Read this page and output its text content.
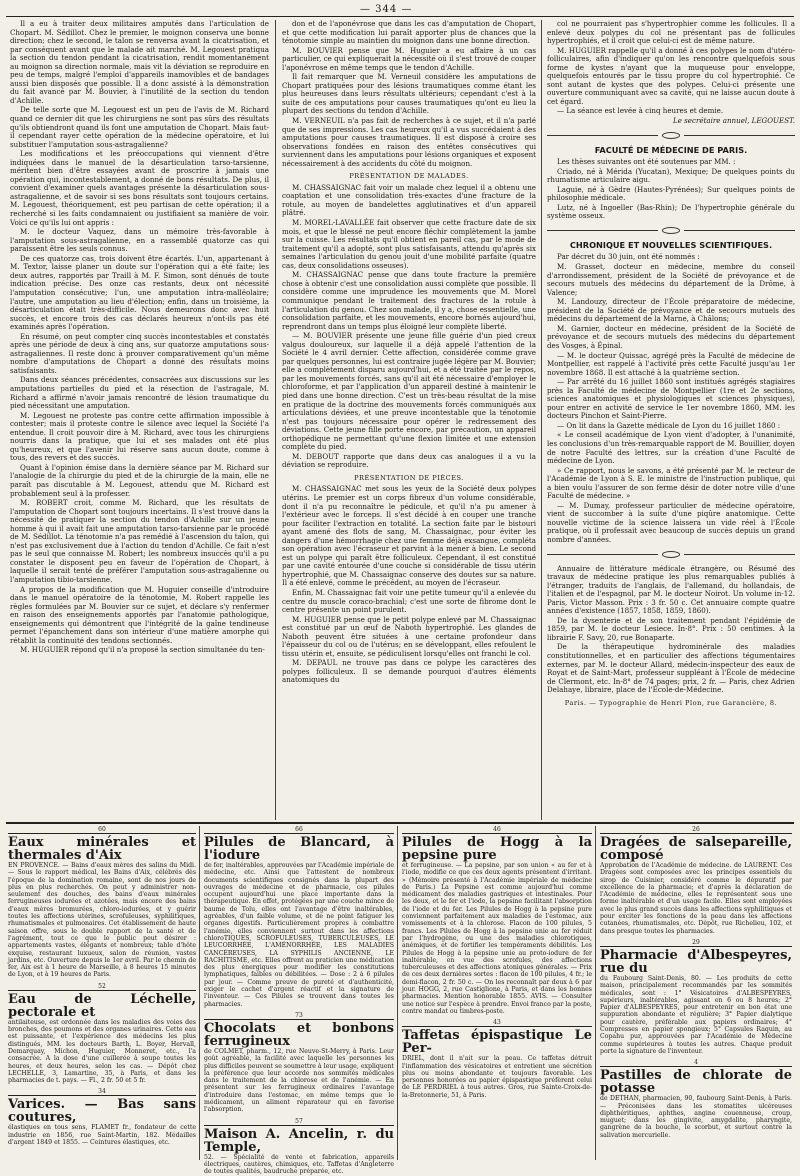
— 344 —

Il a eu à traiter deux militaires amputés dans l'articulation de Chopart. M. Sédillot. Chez le premier, le moignon conserva une bonne direction; chez le second, le talon se renversa avant la cicatrisation, et par conséquent avant que le malade ait marché. M. Legouest pratiqua la section du tendon pendant la cicatrisation, rendit momentanément au moignon sa direction normale, mais vit la déviation se reproduire en peu de temps, malgré l'emploi d'appareils inamovibles et de bandages aussi bien disposés que possible. Il a donc assisté à la démonstration du fait avancé par M. Bouvier, à l'inutilité de la section du tendon d'Achille.

De telle sorte que M. Legouest est un peu de l'avis de M. Richard quand ce dernier dit que les chirurgiens ne sont pas sûrs des résultats qu'ils obtiendront quand ils font une amputation de Chopart. Mais faut-il cependant rayer cette opération de la médecine opératoire, et lui substituer l'amputation sous-astragalienne?

Les modifications et les préoccupations qui viennent d'être indiquées dans le manuel de la désarticulation tarso-tarsienne, méritent bien d'être essayées avant de proscrire à jamais une opération qui, incontestablement, a donné de bons résultats. De plus, il convient d'examiner quels avantages présente la désarticulation sous-astragalienne, et de savoir si ses bons résultats sont toujours certains. M. Legouest, théoriquement, est peu partisan de cette opération; il a recherché si les faits condamnaient ou justifiaient sa manière de voir. Voici ce qu'ils lui ont appris :

M. le docteur Vaquez, dans un mémoire très-favorable à l'amputation sous-astragalienne, en a rassemblé quatorze cas qui paraissent être les seuls connus.

De ces quatorze cas, trois doivent être écartés. L'un, appartenant à M. Textor, laisse planer un doute sur l'opération qui a été faite; les deux autres, rapportés par Traill à M. F. Simon, sont dénués de toute indication précise. Des onze cas restants, deux ont nécessité l'amputation consécutive; l'un, une amputation intra-malléolaire; l'autre, une amputation au lieu d'élection; enfin, dans un troisième, la désarticulation était très-difficile. Nous demeurons donc avec huit succès, et encore trois des cas déclarés heureux n'ont-ils pas été examinés après l'opération.

En résumé, on peut compter cinq succès incontestables et constatés après une période de deux à cinq ans, sur quatorze amputations sous-astragaliennes. Il reste donc à prouver comparativement qu'un même nombre d'amputations de Chopart a donné des résultats moins satisfaisants.

Dans deux séances précédentes, consacrées aux discussions sur les amputations partielles du pied et la résection de l'astragale, M. Richard a affirmé n'avoir jamais rencontré de lésion traumatique du pied nécessitant une amputation.

M. Legouest ne proteste pas contre cette affirmation impossible à contester; mais il proteste contre le silence avec lequel la Société l'a entendue. Il croit pouvoir dire à M. Richard, avec tous les chirurgiens nourris dans la pratique, que lui et ses malades ont été plus qu'heureux, et que l'avenir lui réserve sans aucun doute, comme à tous, des revers et des succès.

Quant à l'opinion émise dans la dernière séance par M. Richard sur l'analogie de la chirurgie du pied et de la chirurgie de la main, elle ne paraît pas discutable à M. Legouest, attendu que M. Richard est probablement seul à la professer.

M. ROBERT croit, comme M. Richard, que les résultats de l'amputation de Chopart sont toujours incertains. Il s'est trouvé dans la nécessité de pratiquer la section du tendon d'Achille sur un jeune homme à qui il avait fait une amputation tarso-tarsienne par le procédé de M. Sédillot. La ténotomie n'a pas remédié à l'ascension du talon, qui n'est pas exclusivement due à l'action du tendon d'Achille. Ce fait n'est pas le seul que connaisse M. Robert; les nombreux insuccès qu'il a pu constater le disposent peu en faveur de l'opération de Chopart, à laquelle il serait tenté de préférer l'amputation sous-astragalienne ou l'amputation tibio-tarsienne.

A propos de la modification que M. Huguier conseille d'introduire dans le manuel opératoire de la ténotomie, M. Robert rappelle les règles formulées par M. Bouvier sur ce sujet, et déclare s'y renfermer en raison des enseignements apportés par l'anatomie pathologique, enseignements qui démontrent que l'intégrité de la gaîne tendineuse permet l'épanchement dans son intérieur d'une matière amorphe qui rétablit la continuité des tendons sectionnés.

M. HUGUIER répond qu'il n'a proposé la section simultanée du ten-

don et de l'aponévrose que dans les cas d'amputation de Chopart, et que cette modification lui paraît apporter plus de chances que la ténotomie simple au maintien du moignon dans une bonne direction.

M. BOUVIER pense que M. Huguier a eu affaire à un cas particulier, ce qui expliquerait la nécessité où il s'est trouvé de couper l'aponévrose en même temps que le tendon d'Achille.

Il fait remarquer que M. Verneuil considère les amputations de Chopart pratiquées pour des lésions traumatiques comme étant les plus heureuses dans leurs résultats ultérieurs; cependant c'est à la suite de ces amputations pour causes traumatiques qu'ont eu lieu la plupart des sections du tendon d'Achille.

M. VERNEUIL n'a pas fait de recherches à ce sujet, et il n'a parlé que de ses impressions. Les cas heureux qu'il a vus succédaient à des amputations pour causes traumatiques. Il est disposé à croire ses observations fondées en raison des entêtes consécutives qui surviennent dans les amputations pour lésions organiques et exposent nécessairement à des accidents du côté du moignon.

PRÉSENTATION DE MALADES.

M. CHASSAIGNAC fait voir un malade chez lequel il a obtenu une coaptation et une consolidation très-exactes d'une fracture de la rotule, au moyen de bandelettes agglutinatives et d'un appareil plâtré.

M. MOREL-LAVALLÉE fait observer que cette fracture date de six mois, et que le blessé ne peut encore fléchir complètement la jambe sur la cuisse. Les résultats qu'il obtient en pareil cas, par le mode de traitement qu'il a adopté, sont plus satisfaisants, attendu qu'après six semaines l'articulation du genou jouit d'une mobilité parfaite (quatre cas, deux consolidations osseuses).

M. CHASSAIGNAC pense que dans toute fracture la première chose à obtenir c'est une consolidation aussi complète que possible. Il considère comme une imprudence les mouvements que M. Morel communique pendant le traitement des fractures de la rotule à l'articulation du genou. Chez son malade, il y a, chose essentielle, une consolidation parfaite, et les mouvements, encore bornés aujourd'hui, reprendront dans un temps plus éloigné leur complète liberté.

— M. BOUVIER présente une jeune fille guérie d'un pied creux valgus douloureux, sur laquelle il a déjà appelé l'attention de la Société le 4 avril dernier. Cette affection, considérée comme grave par quelques personnes, lui est contraire jugée légère par M. Bouvier; elle a complètement disparu aujourd'hui, et a été traitée par le repos, par les mouvements forcés, sans qu'il ait été nécessaire d'employer le chloroforme, et par l'application d'un appareil destiné à maintenir le pied dans une bonne direction. C'est un très-beau résultat de la mise en pratique de la doctrine des mouvements forcés communiqués aux articulations déviées, et une preuve incontestable que la ténotomie n'est pas toujours nécessaire pour opérer le redressement des déviations. Cette jeune fille porte encore, par précaution, un appareil orthopédique ne permettant qu'une flexion limitée et une extension complète du pied.

M. DEBOUT rapporte que dans deux cas analogues il a vu la déviation se reproduire.

PRÉSENTATION DE PIÈCES.

M. CHASSAIGNAC met sous les yeux de la Société deux polypes utérins. Le premier est un corps fibreux d'un volume considérable, dont il n'a pu reconnaître le pédicule, et qu'il n'a pu amener à l'extérieur avec le forceps. Il s'est décidé à en couper une tranche pour faciliter l'extraction en totalité. La section faite par le bistouri ayant amené des flots de sang, M. Chassaignac, pour éviter les dangers d'une hémorrhagie chez une femme déjà exsangue, compléta son opération avec l'écraseur et parvint à la mener à bien. Le second est un polype qui paraît être folliculeux. Cependant, il est constitué par une cavité entourée d'une couche si considérable de tissu utérin hypertrophié, que M. Chassaignac conserve des doutes sur sa nature. Il a été enlevé, comme le précédent, au moyen de l'écraseur.

Enfin, M. Chassaignac fait voir une petite tumeur qu'il a enlevée du centre du muscle coraco-brachial; c'est une sorte de fibrome dont le centre présente un point purulent.

M. HUGUIER pense que le petit polype enlevé par M. Chassaignac est constitué par un œuf de Naboth hypertrophié. Les glandes de Naboth peuvent être situées à une certaine profondeur dans l'épaisseur du col ou de l'utérus; en se développant, elles refoulent le tissu utérin et, ensuite, se pédiculisent lorsqu'elles ont franchi le col.

M. DEPAUL ne trouve pas dans ce polype les caractères des polypes folliculeux. Il se demande pourquoi d'autres éléments anatomiques du

col ne pourraient pas s'hypertrophier comme les follicules. Il a enlevé deux polypes du col ne présentant pas de follicules hypertrophiés, et il croit que celui-ci est de même nature.

M. HUGUIER rappelle qu'il a donné à ces polypes le nom d'utéro-folliculaires, afin d'indiquer qu'on les rencontre quelquefois sous forme de kystes n'ayant que la muqueuse pour enveloppe, quelquefois entourés par le tissu propre du col hypertrophié. Ce sont autant de kystes que des polypes. Celui-ci présente une ouverture communiquant avec sa cavité, qui ne laisse aucun doute à cet égard.

— La séance est levée à cinq heures et demie.

Le secrétaire annuel, LEGOUEST.

FACULTÉ DE MÉDECINE DE PARIS.

Les thèses suivantes ont été soutenues par MM. :

Criado, né à Mérida (Yucatan), Mexique; De quelques points du rhumatisme articulaire aigu.

Laguie, né à Gèdre (Hautes-Pyrénées); Sur quelques points de philosophie médicale.

Lutz, né à Ingoeller (Bas-Rhin); De l'hypertrophie générale du système osseux.

CHRONIQUE ET NOUVELLES SCIENTIFIQUES.

Par décret du 30 juin, ont été nommés :

M. Grasset, docteur en médecine, membre du conseil d'arrondissement, président de la Société de prévoyance et de secours mutuels des médecins du département de la Drôme, à Valence;

M. Landouzy, directeur de l'École préparatoire de médecine, président de la Société de prévoyance et de secours mutuels des médecins du département de la Marne, à Châlons;

M. Garnier, docteur en médecine, président de la Société de prévoyance et de secours mutuels des médecins du département des Vosges, à Épinal.

— M. le docteur Quissac, agrégé près la Faculté de médecine de Montpellier, est rappelé à l'activité près cette Faculté jusqu'au 1er novembre 1868. Il est attaché à la quatrième section.

— Par arrêté du 16 juillet 1860 sont institués agrégés stagiaires près la Faculté de médecine de Montpellier (1re et 2e sections, sciences anatomiques et physiologiques et sciences physiques), pour entrer en activité de service le 1er novembre 1860, MM. les docteurs Pinchon et Saint-Pierre.

— On lit dans la Gazette médicale de Lyon du 16 juillet 1860 :

« Le conseil académique de Lyon vient d'adopter, à l'unanimité, les conclusions d'un très-remarquable rapport de M. Bouillier, doyen de notre Faculté des lettres, sur la création d'une Faculté de médecine de Lyon.

» Ce rapport, nous le savons, a été présenté par M. le recteur de l'Académie de Lyon à S. E. le ministre de l'instruction publique, qui a bien voulu l'assurer de son ferme désir de doter notre ville d'une Faculté de médecine. »

— M. Dumay, professeur particulier de médecine opératoire, vient de succomber à la suite d'une piqûre anatomique. Cette nouvelle victime de la science laissera un vide réel à l'École pratique, où il professait avec beaucoup de succès depuis un grand nombre d'années.

Annuaire de littérature médicale étrangère, ou Résumé des travaux de médecine pratique les plus remarquables publiés à l'étranger, traduits de l'anglais, de l'allemand, du hollandais, de l'italien et de l'espagnol, par M. le docteur Noirot. Un volume in-12. Paris, Victor Masson. Prix : 3 fr. 50 c. Cet annuaire compte quatre années d'existence (1857, 1858, 1859, 1860).

De la dysenterie et de son traitement pendant l'épidémie de 1859, par M. le docteur Lesiece. In-8°. Prix : 50 centimes. À la librairie F. Savy, 20, rue Bonaparte.

De la thérapeutique hydrominérale des maladies constitutionnelles, et en particulier des affections tégumentaires externes, par M. le docteur Allard, médecin-inspecteur des eaux de Royat et de Saint-Mart, professeur suppléant à l'École de médecine de Clermont, etc. In-8° de 74 pages; prix, 2 fr. — Paris, chez Adrien Delahaye, libraire, place de l'École-de-Médecine.

Paris. — Typographie de Henri Plon, rue Garancière, 8.

60
Eaux minérales et thermales d'Aix
EN PROVENCE. — Bains d'eaux mères des salins du Midi. — Sous le rapport médical, les Bains d'Aix, célébrés dès l'époque de la domination romaine, sont de nos jours de plus en plus recherchés. On peut y administrer non-seulement des douches, des bains d'eaux minérales ferrugineuses iodurées et azotées, mais encore des bains d'eaux mères bromurées, chloro-iodurées, et y guérir toutes les affections utérines, scrofuleuses, syphilitiques, rhumatismales et pulmonaires. Cet établissement de haute saison offre, sous le double rapport de la santé et de l'agrément, tout ce que le public peut désirer : appartements vastes, élégants et nombreux; table d'hôte exquise, restaurant luxueux, salon de réunion, vastes jardins, etc. Ouverture depuis le 1er avril. Par le chemin de fer, Aix est à 1 heure de Marseille, à 8 heures 15 minutes de Lyon, et à 19 heures de Paris.
52
Eau de Léchelle, pectorale et
antilaiteuse, est ordonnée dans les maladies des voies des bronches, des poumons et des organes urinaires. Cette eau est puissante, et l'expérience des médecins les plus distingués, MM. les docteurs Barth, L. Boyer, Hervall, Demarquay, Michon, Huguier, Monneret, etc., l'a consacrée. A la dose d'une cuillerée à soupe toutes les heures, et deux heures, selon les cas. — Dépôt chez LECHELLE, 3, Lamartine, 35, à Paris, et dans les pharmacies de t. pays. — Fl., 2 fr. 50 et 5 fr.
34
Varices. — Bas sans coutures,
élastiques en tous sens, FLAMET fr., fondateur de cette industrie en 1856, rue Saint-Martin, 182. Médailles d'argent 1849 et 1855. — Ceintures élastiques, etc.
66
Pilules de Blancard, à l'iodure
de fer, inaltérables, approuvées par l'Académie impériale de médecine, etc. Ainsi que l'attestent de nombreux documents scientifiques consignés dans la plupart des ouvrages de médecine et de pharmacie, ces pilules occupent aujourd'hui une place importante dans la thérapeutique. En effet, protégées par une couche mince de baume de Tolu, elles ont l'avantage d'être inaltérables, agréables, d'un faible volume, et de ne point fatiguer les organes digestifs. Particulièrement propres à combattre l'anémie, elles conviennent surtout dans les affections chloroTIQUES, SCROFULEUSES, TUBERCULEUSES, LE LEUCORRHÉE, L'AMÉNORRHÉE, LES MALADIES CANCÉREUSES, LA SYPHILIS ANCIENNE, LE RACHITISME, etc. Elles offrent au praticien une médication des plus énergiques pour modifier les constitutions lymphatiques, faibles ou débilitées. — Dose : 2 à 6 pilules par jour. — Comme preuve de pureté et d'authenticité, exiger le cachet d'argent réactif et la signature de l'inventeur. — Ces Pilules se trouvent dans toutes les pharmacies.
73
Chocolats et bonbons ferrugineux
de COLMET, pharm., 12, rue Neuve-St-Merry, à Paris. Leur goût agréable, la facilité avec laquelle les personnes les plus difficiles peuvent se soumettre à leur usage, expliquent la préférence que leur accorde nos sommités médicales dans le traitement de la chlorose et de l'anémie. — En présentent sur les ferrugineux ordinaires l'avantage d'introduire dans l'estomac, en même temps que le médicament, un aliment réparateur qui en favorise l'absorption.
57
Maison A. Ancelin, r. du Temple,
52. — Spécialité de vente et fabrication, appareils électriques, cautères, chimiques, etc. Taffetas d'Angleterre de toutes qualités, baudruche préparée, etc.
46
Pilules de Hogg à la pepsine pure
et ferrugineuse. — La pepsine, par son union « au fer et à l'iode, modifie ce que ces deux agents présentent d'irritant. » (Mémoire présenté à l'Académie impériale de médecine de Paris.) La Pepsine est comme aujourd'hui comme médicament des maladies gastriques et intestinales. Pour les deux, et le fer et l'iode, la pepsine facilitant l'absorption de l'iode et du fer. Les Pilules de Hogg à la pepsine pure conviennent parfaitement aux maladies de l'estomac, aux vomissements et à la chlorose. Flacon de 100 pilules, 5 francs. Les Pilules de Hogg à la pepsine unie au fer réduit par l'hydrogène, ou une des maladies chlorotiques, anémiques, et de fortifier les tempéraments débilités. Les Pilules de Hogg à la pepsine unie au proto-iodure de fer inaltérable, en vue des scrofules, des affections tuberculeuses et des affections atoniques générales. — Prix de ces deux dernières sortes : flacon de 100 pilules, 4 fr.; le demi-flacon, 2 fr. 50 c. — On les reconnaît par deux à 6 par jour. HOGG, 2, rue Castiglione, à Paris, et dans les bonnes pharmacies. Mention honorable 1855. AVIS. — Consulter une notice sur l'espèce à prendre. Envoi franco par la poste, contre mandat ou timbres-poste.
43
Taffetas épispastique Le Per-
DRIEL, dont il n'ait sur la peau. Ce taffetas détruit l'inflammation des vésicatoires et entretient une sécrétion plus ou moins abondante et toujours favorable. Les personnes honorées au papier épispastique préfèrent celui de LE PERDRIEL à tous autres. Gros, rue Sainte-Croix-de-la-Bretonnerie, 51, à Paris.
26
Dragées de salsepareille, composé
Approbation de l'Académie de médecine. de LAURENT. Ces Dragées sont composées avec les principes essentiels du sirop de Cuisinier, considéré comme le dépuratif par excellence de la pharmacie; et d'après la déclaration de l'Académie de médecine, elles le représentent sous une forme inaltérable et d'un usage facile. Elles sont employées avec le plus grand succès dans les affections syphilitiques et pour exciter les fonctions de la peau dans les affections cutanées, rhumatismales, etc. Dépôt, rue Richelieu, 102, et dans presque toutes les pharmacies.
29
Pharmacie d'Albespeyres, rue du
du Faubourg Saint-Denis, 80. — Les produits de cette maison, principalement recommandés par les sommités médicales, sont : 1° Vésicatoires d'ALBESPEYRES, supérieurs, inaltérables, agissant en 6 ou 8 heures; 2° Papier d'ALBESPEYRES, pour entretenir en bon état une suppuration abondante et régulière; 3° Papier dialytique pour cautère, préférable aux papiers ordinaires; 4° Compresses en papier spongieux; 5° Capsules Raquin, au Copahu pur, approuvées par l'Académie de Médecine comme supérieures à toutes les autres. Chaque produit porte la signature de l'inventeur.
4
Pastilles de chlorate de potasse
de DETHAN, pharmacien, 90, faubourg Saint-Denis, à Paris. — Préconisées dans les stomatites ulcéreuses diphthéritiques, aphthes, angine couenneuse, croup, muguet; dans les gingivite, amygdalite, pharyngite, gangrène de la bouche, le scorbut, et surtout contre la salivation mercurielle.
